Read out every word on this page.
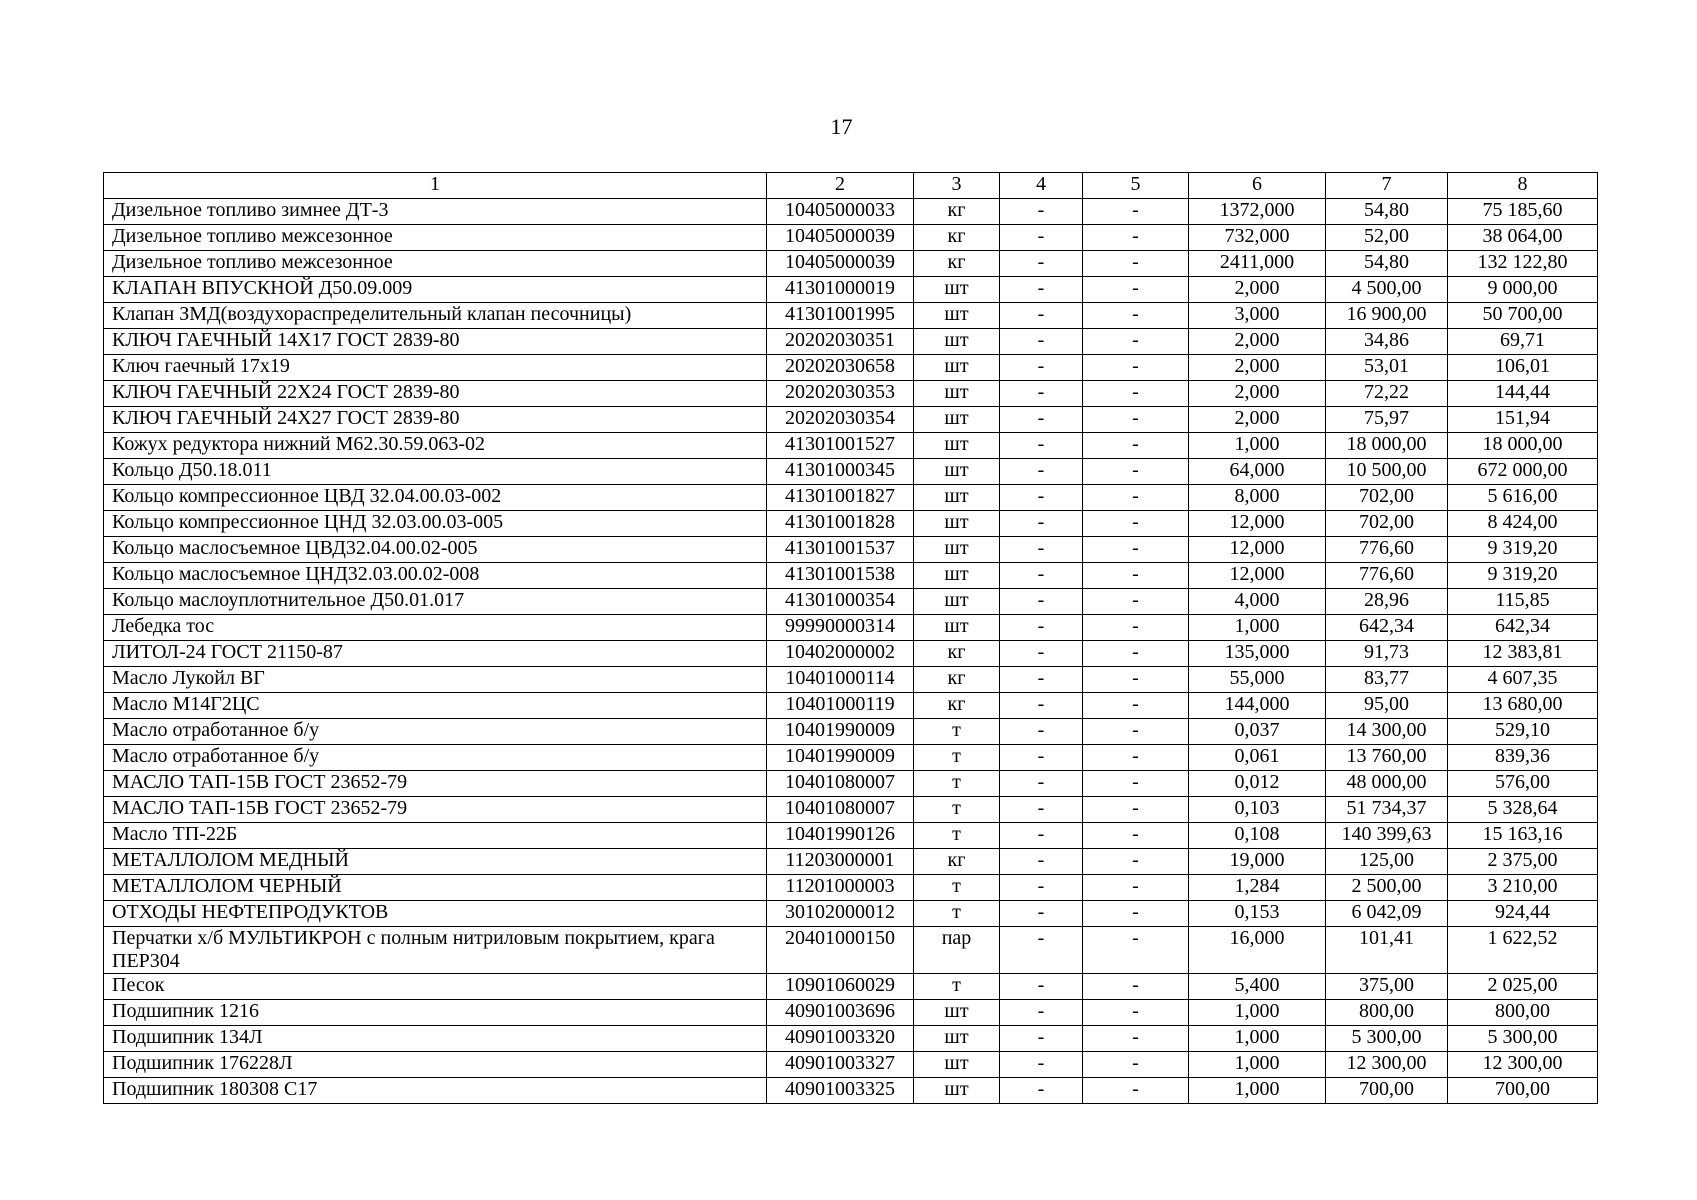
17
1	2	3	4	5	6	7	8
Дизельное топливо зимнее ДТ-3	10405000033	кг	-	-	1372,000	54,80	75 185,60
Дизельное топливо межсезонное	10405000039	кг	-	-	732,000	52,00	38 064,00
Дизельное топливо межсезонное	10405000039	кг	-	-	2411,000	54,80	132 122,80
КЛАПАН ВПУСКНОЙ Д50.09.009	41301000019	шт	-	-	2,000	4 500,00	9 000,00
Клапан ЗМД(воздухораспределительный клапан песочницы)	41301001995	шт	-	-	3,000	16 900,00	50 700,00
КЛЮЧ ГАЕЧНЫЙ 14Х17 ГОСТ 2839-80	20202030351	шт	-	-	2,000	34,86	69,71
Ключ гаечный 17х19	20202030658	шт	-	-	2,000	53,01	106,01
КЛЮЧ ГАЕЧНЫЙ 22Х24 ГОСТ 2839-80	20202030353	шт	-	-	2,000	72,22	144,44
КЛЮЧ ГАЕЧНЫЙ 24Х27 ГОСТ 2839-80	20202030354	шт	-	-	2,000	75,97	151,94
Кожух редуктора нижний М62.30.59.063-02	41301001527	шт	-	-	1,000	18 000,00	18 000,00
Кольцо Д50.18.011	41301000345	шт	-	-	64,000	10 500,00	672 000,00
Кольцо компрессионное ЦВД 32.04.00.03-002	41301001827	шт	-	-	8,000	702,00	5 616,00
Кольцо компрессионное ЦНД 32.03.00.03-005	41301001828	шт	-	-	12,000	702,00	8 424,00
Кольцо маслосъемное ЦВД32.04.00.02-005	41301001537	шт	-	-	12,000	776,60	9 319,20
Кольцо маслосъемное ЦНД32.03.00.02-008	41301001538	шт	-	-	12,000	776,60	9 319,20
Кольцо маслоуплотнительное Д50.01.017	41301000354	шт	-	-	4,000	28,96	115,85
Лебедка тос	99990000314	шт	-	-	1,000	642,34	642,34
ЛИТОЛ-24 ГОСТ 21150-87	10402000002	кг	-	-	135,000	91,73	12 383,81
Масло Лукойл ВГ	10401000114	кг	-	-	55,000	83,77	4 607,35
Масло М14Г2ЦС	10401000119	кг	-	-	144,000	95,00	13 680,00
Масло отработанное б/у	10401990009	т	-	-	0,037	14 300,00	529,10
Масло отработанное б/у	10401990009	т	-	-	0,061	13 760,00	839,36
МАСЛО ТАП-15В ГОСТ 23652-79	10401080007	т	-	-	0,012	48 000,00	576,00
МАСЛО ТАП-15В ГОСТ 23652-79	10401080007	т	-	-	0,103	51 734,37	5 328,64
Масло ТП-22Б	10401990126	т	-	-	0,108	140 399,63	15 163,16
МЕТАЛЛОЛОМ МЕДНЫЙ	11203000001	кг	-	-	19,000	125,00	2 375,00
МЕТАЛЛОЛОМ ЧЕРНЫЙ	11201000003	т	-	-	1,284	2 500,00	3 210,00
ОТХОДЫ НЕФТЕПРОДУКТОВ	30102000012	т	-	-	0,153	6 042,09	924,44
Перчатки х/б МУЛЬТИКРОН с полным нитриловым покрытием, крага ПЕР304	20401000150	пар	-	-	16,000	101,41	1 622,52
Песок	10901060029	т	-	-	5,400	375,00	2 025,00
Подшипник 1216	40901003696	шт	-	-	1,000	800,00	800,00
Подшипник 134Л	40901003320	шт	-	-	1,000	5 300,00	5 300,00
Подшипник 176228Л	40901003327	шт	-	-	1,000	12 300,00	12 300,00
Подшипник 180308 С17	40901003325	шт	-	-	1,000	700,00	700,00
